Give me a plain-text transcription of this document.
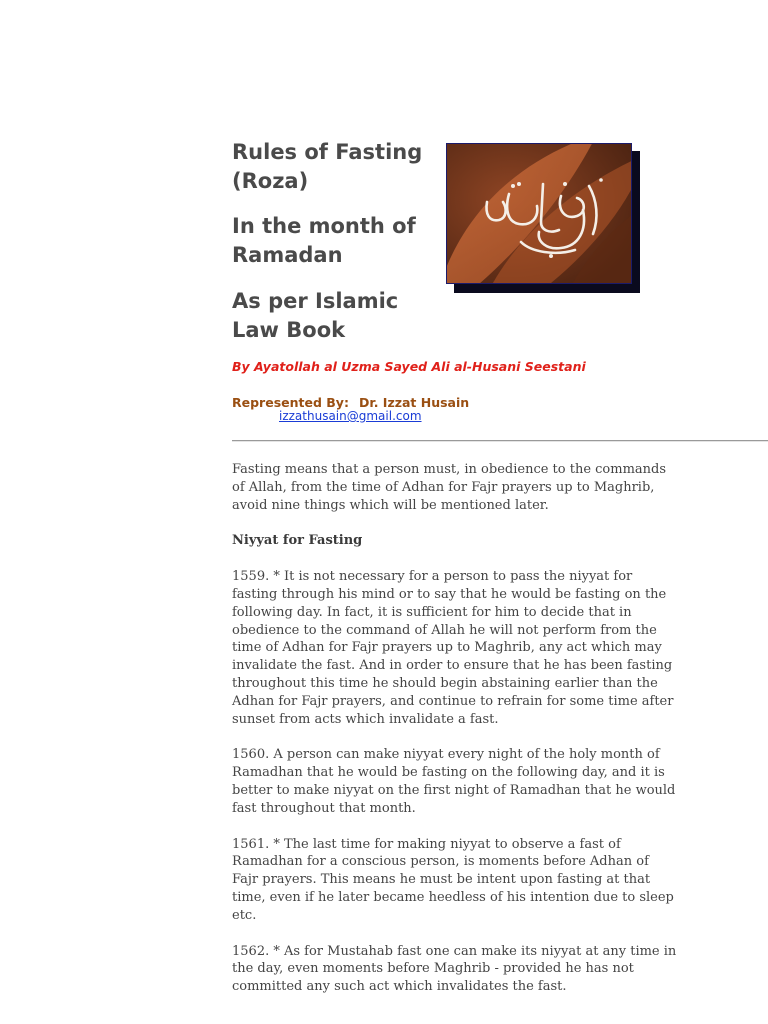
Rules of Fasting (Roza)
In the month of Ramadan
As per Islamic Law Book
By Ayatollah al Uzma Sayed Ali al-Husani Seestani
Represented By: Dr. Izzat Husain
izzathusain@gmail.com

Fasting means that a person must, in obedience to the commands of Allah, from the time of Adhan for Fajr prayers up to Maghrib, avoid nine things which will be mentioned later.

Niyyat for Fasting

1559. * It is not necessary for a person to pass the niyyat for fasting through his mind or to say that he would be fasting on the following day. In fact, it is sufficient for him to decide that in obedience to the command of Allah he will not perform from the time of Adhan for Fajr prayers up to Maghrib, any act which may invalidate the fast. And in order to ensure that he has been fasting throughout this time he should begin abstaining earlier than the Adhan for Fajr prayers, and continue to refrain for some time after sunset from acts which invalidate a fast.

1560. A person can make niyyat every night of the holy month of Ramadhan that he would be fasting on the following day, and it is better to make niyyat on the first night of Ramadhan that he would fast throughout that month.

1561. * The last time for making niyyat to observe a fast of Ramadhan for a conscious person, is moments before Adhan of Fajr prayers. This means he must be intent upon fasting at that time, even if he later became heedless of his intention due to sleep etc.

1562. * As for Mustahab fast one can make its niyyat at any time in the day, even moments before Maghrib - provided he has not committed any such act which invalidates the fast.
